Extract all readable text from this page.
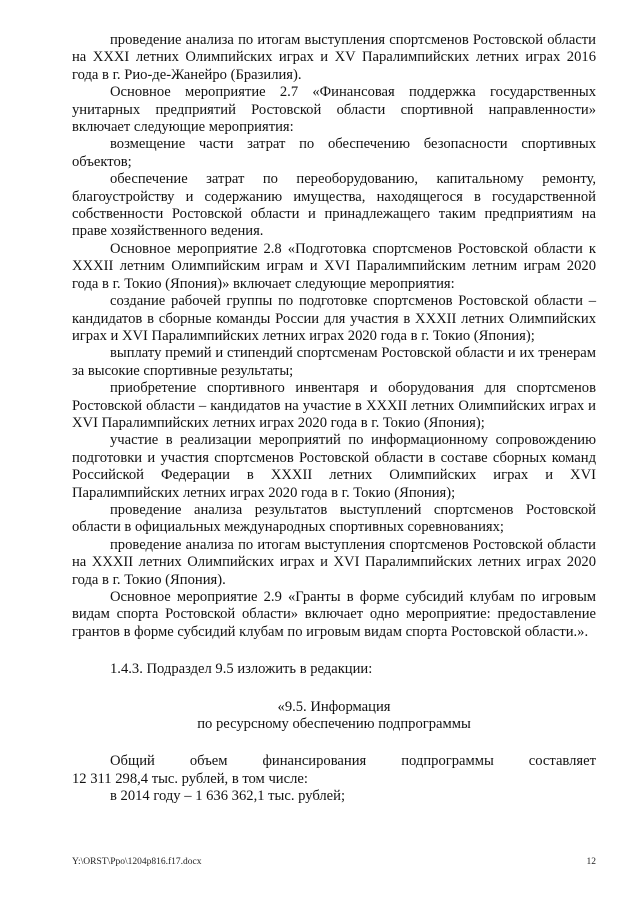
проведение анализа по итогам выступления спортсменов Ростовской области на XXXI летних Олимпийских играх и XV Паралимпийских летних играх 2016 года в г. Рио-де-Жанейро (Бразилия).

Основное мероприятие 2.7 «Финансовая поддержка государственных унитарных предприятий Ростовской области спортивной направленности» включает следующие мероприятия:

возмещение части затрат по обеспечению безопасности спортивных объектов;

обеспечение затрат по переоборудованию, капитальному ремонту, благоустройству и содержанию имущества, находящегося в государственной собственности Ростовской области и принадлежащего таким предприятиям на праве хозяйственного ведения.

Основное мероприятие 2.8 «Подготовка спортсменов Ростовской области к XXXII летним Олимпийским играм и XVI Паралимпийским летним играм 2020 года в г. Токио (Япония)» включает следующие мероприятия:

создание рабочей группы по подготовке спортсменов Ростовской области – кандидатов в сборные команды России для участия в XXXII летних Олимпийских играх и XVI Паралимпийских летних играх 2020 года в г. Токио (Япония);

выплату премий и стипендий спортсменам Ростовской области и их тренерам за высокие спортивные результаты;

приобретение спортивного инвентаря и оборудования для спортсменов Ростовской области – кандидатов на участие в XXXII летних Олимпийских играх и XVI Паралимпийских летних играх 2020 года в г. Токио (Япония);

участие в реализации мероприятий по информационному сопровождению подготовки и участия спортсменов Ростовской области в составе сборных команд Российской Федерации в XXXII летних Олимпийских играх и XVI Паралимпийских летних играх 2020 года в г. Токио (Япония);

проведение анализа результатов выступлений спортсменов Ростовской области в официальных международных спортивных соревнованиях;

проведение анализа по итогам выступления спортсменов Ростовской области на XXXII летних Олимпийских играх и XVI Паралимпийских летних играх 2020 года в г. Токио (Япония).

Основное мероприятие 2.9 «Гранты в форме субсидий клубам по игровым видам спорта Ростовской области» включает одно мероприятие: предоставление грантов в форме субсидий клубам по игровым видам спорта Ростовской области.».

1.4.3. Подраздел 9.5 изложить в редакции:

«9.5. Информация

по ресурсному обеспечению подпрограммы

Общий объем финансирования подпрограммы составляет

12 311 298,4 тыс. рублей, в том числе:

в 2014 году – 1 636 362,1 тыс. рублей;

Y:\ORST\Ppo\1204p816.f17.docx	12
